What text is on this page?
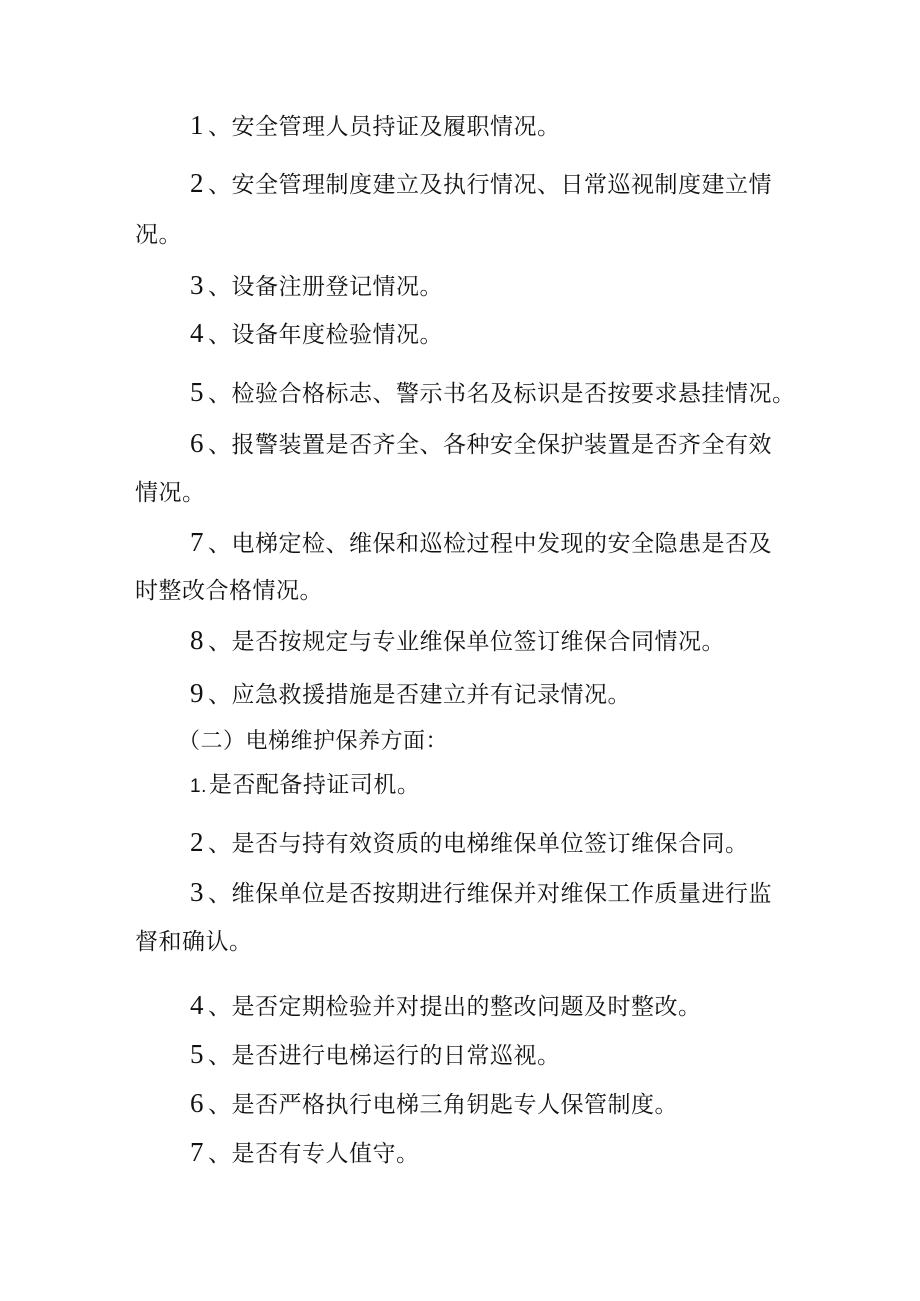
1 、安全管理人员持证及履职情况。

2 、安全管理制度建立及执行情况、日常巡视制度建立情

况。

3 、设备注册登记情况。

4 、设备年度检验情况。

5 、检验合格标志、警示书名及标识是否按要求悬挂情况。

6 、报警装置是否齐全、各种安全保护装置是否齐全有效

情况。

7 、电梯定检、维保和巡检过程中发现的安全隐患是否及

时整改合格情况。

8 、是否按规定与专业维保单位签订维保合同情况。

9 、应急救援措施是否建立并有记录情况。

（二）电梯维护保养方面：

1.是否配备持证司机。

2 、是否与持有效资质的电梯维保单位签订维保合同。

3 、维保单位是否按期进行维保并对维保工作质量进行监

督和确认。

4 、是否定期检验并对提出的整改问题及时整改。

5 、是否进行电梯运行的日常巡视。

6 、是否严格执行电梯三角钥匙专人保管制度。

7 、是否有专人值守。
